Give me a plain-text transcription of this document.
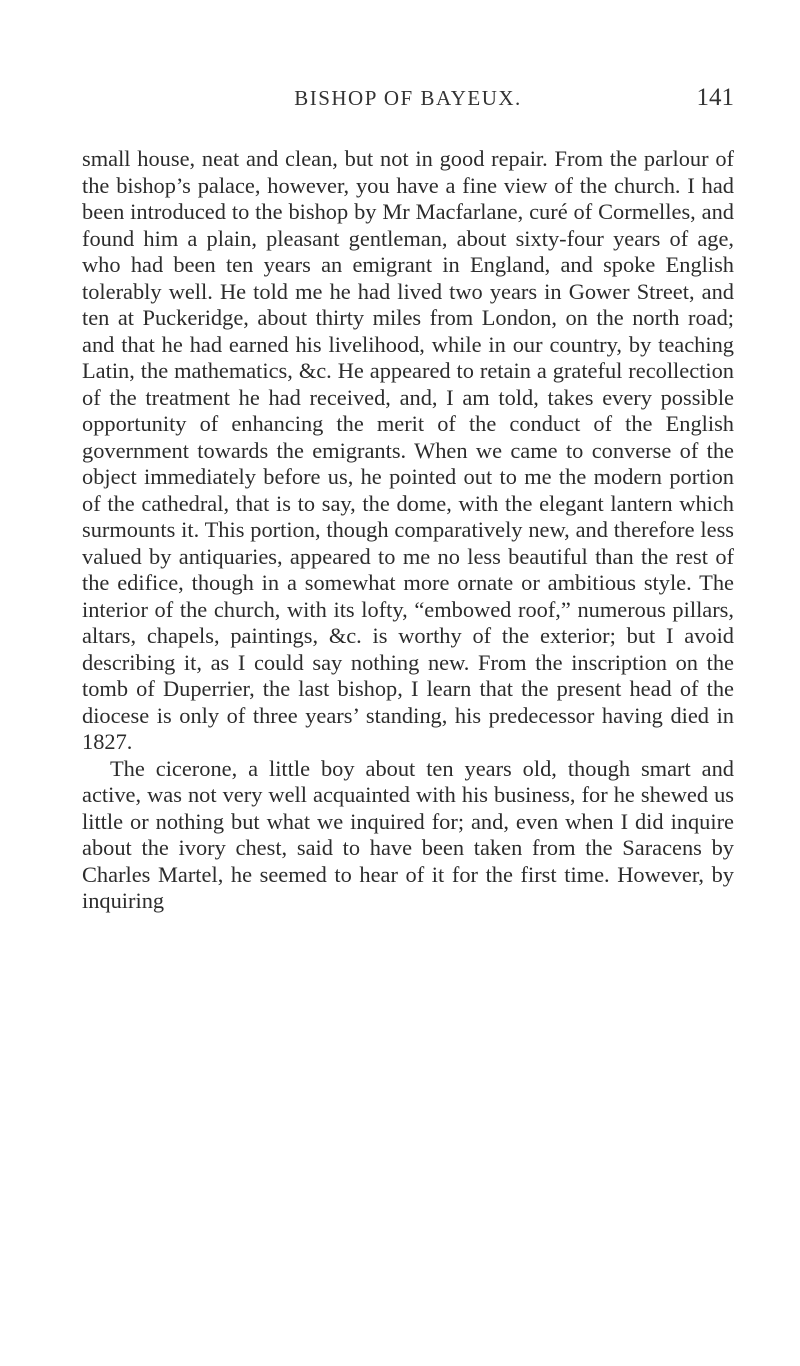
BISHOP OF BAYEUX.	141

small house, neat and clean, but not in good repair. From the parlour of the bishop’s palace, however, you have a fine view of the church. I had been introduced to the bishop by Mr Macfarlane, curé of Cormelles, and found him a plain, pleasant gentleman, about sixty-four years of age, who had been ten years an emigrant in England, and spoke English tolerably well. He told me he had lived two years in Gower Street, and ten at Puckeridge, about thirty miles from London, on the north road; and that he had earned his livelihood, while in our country, by teaching Latin, the mathematics, &c. He appeared to retain a grateful recollection of the treatment he had received, and, I am told, takes every possible opportunity of enhancing the merit of the conduct of the English government towards the emigrants. When we came to converse of the object immediately before us, he pointed out to me the modern portion of the cathedral, that is to say, the dome, with the elegant lantern which surmounts it. This portion, though comparatively new, and therefore less valued by antiquaries, appeared to me no less beautiful than the rest of the edifice, though in a somewhat more ornate or ambitious style. The interior of the church, with its lofty, “embowed roof,” numerous pillars, altars, chapels, paintings, &c. is worthy of the exterior; but I avoid describing it, as I could say nothing new. From the inscription on the tomb of Duperrier, the last bishop, I learn that the present head of the diocese is only of three years’ standing, his predecessor having died in 1827.

The cicerone, a little boy about ten years old, though smart and active, was not very well acquainted with his business, for he shewed us little or nothing but what we inquired for; and, even when I did inquire about the ivory chest, said to have been taken from the Saracens by Charles Martel, he seemed to hear of it for the first time. However, by inquiring
